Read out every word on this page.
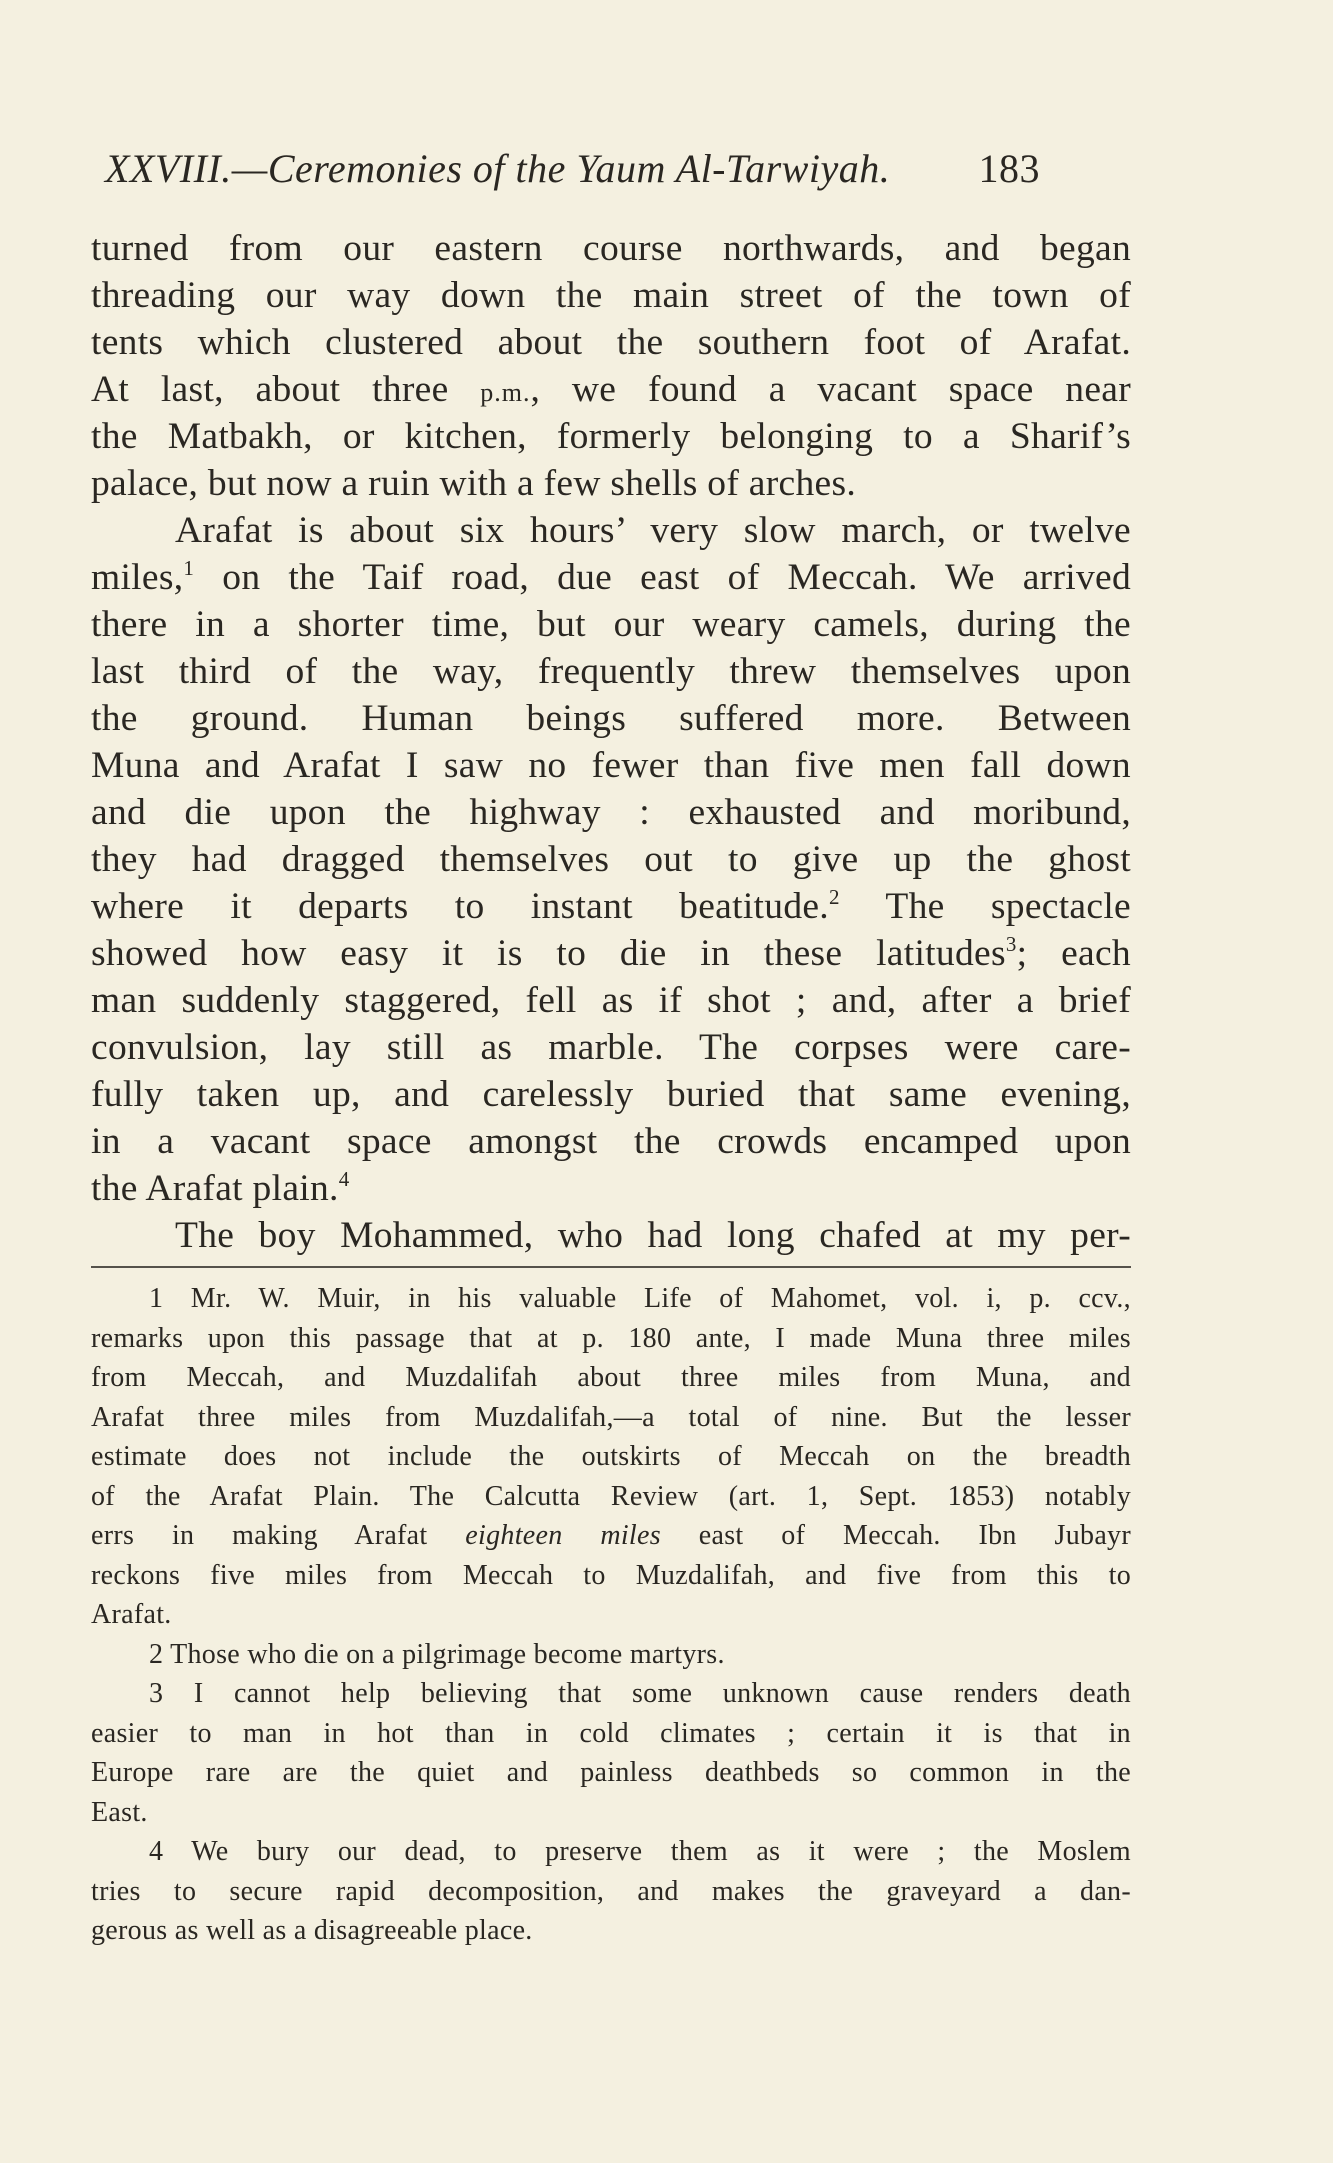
XXVIII.—Ceremonies of the Yaum Al-Tarwiyah. 183
turned from our eastern course northwards, and began
threading our way down the main street of the town of
tents which clustered about the southern foot of Arafat.
At last, about three p.m., we found a vacant space near
the Matbakh, or kitchen, formerly belonging to a Sharif’s
palace, but now a ruin with a few shells of arches.
Arafat is about six hours’ very slow march, or twelve
miles,$^1$ on the Taif road, due east of Meccah. We arrived
there in a shorter time, but our weary camels, during the
last third of the way, frequently threw themselves upon
the ground. Human beings suffered more. Between
Muna and Arafat I saw no fewer than five men fall down
and die upon the highway : exhausted and moribund,
they had dragged themselves out to give up the ghost
where it departs to instant beatitude.$^2$ The spectacle
showed how easy it is to die in these latitudes$^3$; each
man suddenly staggered, fell as if shot ; and, after a brief
convulsion, lay still as marble. The corpses were care-
fully taken up, and carelessly buried that same evening,
in a vacant space amongst the crowds encamped upon
the Arafat plain.$^4$
The boy Mohammed, who had long chafed at my per-
1 Mr. W. Muir, in his valuable Life of Mahomet, vol. i, p. ccv.,
remarks upon this passage that at p. 180 ante, I made Muna three miles
from Meccah, and Muzdalifah about three miles from Muna, and
Arafat three miles from Muzdalifah,—a total of nine. But the lesser
estimate does not include the outskirts of Meccah on the breadth
of the Arafat Plain. The Calcutta Review (art. 1, Sept. 1853) notably
errs in making Arafat eighteen miles east of Meccah. Ibn Jubayr
reckons five miles from Meccah to Muzdalifah, and five from this to
Arafat.
2 Those who die on a pilgrimage become martyrs.
3 I cannot help believing that some unknown cause renders death
easier to man in hot than in cold climates ; certain it is that in
Europe rare are the quiet and painless deathbeds so common in the
East.
4 We bury our dead, to preserve them as it were ; the Moslem
tries to secure rapid decomposition, and makes the graveyard a dan-
gerous as well as a disagreeable place.
